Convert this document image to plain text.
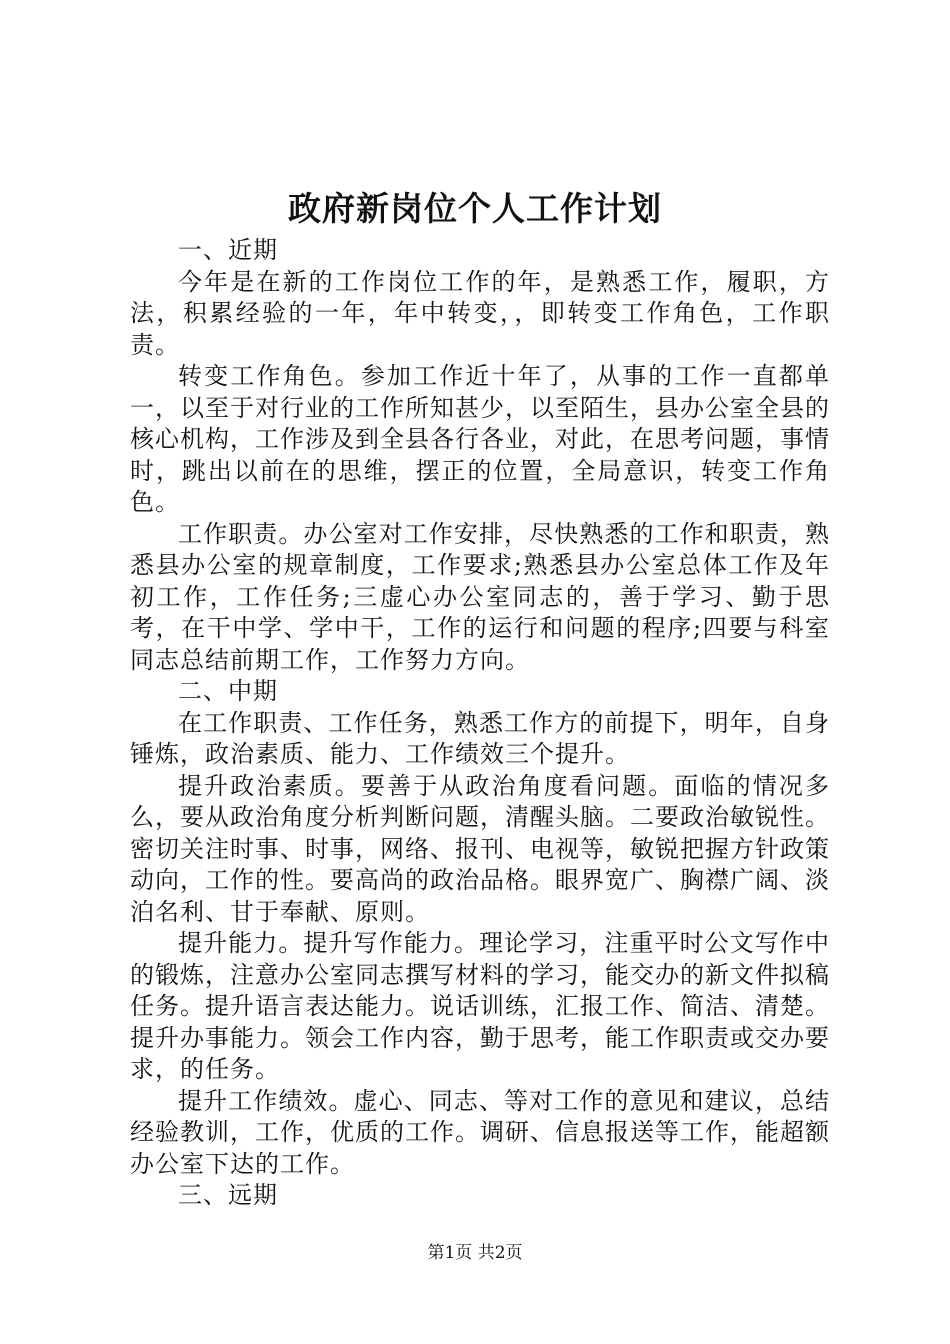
政府新岗位个人工作计划

一、近期

今年是在新的工作岗位工作的年，是熟悉工作，履职，方法，积累经验的一年，年中转变，，即转变工作角色，工作职责。

转变工作角色。参加工作近十年了，从事的工作一直都单一，以至于对行业的工作所知甚少，以至陌生，县办公室全县的核心机构，工作涉及到全县各行各业，对此，在思考问题，事情时，跳出以前在的思维，摆正的位置，全局意识，转变工作角色。

工作职责。办公室对工作安排，尽快熟悉的工作和职责，熟悉县办公室的规章制度，工作要求;熟悉县办公室总体工作及年初工作，工作任务;三虚心办公室同志的，善于学习、勤于思考，在干中学、学中干，工作的运行和问题的程序;四要与科室同志总结前期工作，工作努力方向。

二、中期

在工作职责、工作任务，熟悉工作方的前提下，明年，自身锤炼，政治素质、能力、工作绩效三个提升。

提升政治素质。要善于从政治角度看问题。面临的情况多么，要从政治角度分析判断问题，清醒头脑。二要政治敏锐性。密切关注时事、时事，网络、报刊、电视等，敏锐把握方针政策动向，工作的性。要高尚的政治品格。眼界宽广、胸襟广阔、淡泊名利、甘于奉献、原则。

提升能力。提升写作能力。理论学习，注重平时公文写作中的锻炼，注意办公室同志撰写材料的学习，能交办的新文件拟稿任务。提升语言表达能力。说话训练，汇报工作、简洁、清楚。提升办事能力。领会工作内容，勤于思考，能工作职责或交办要求，的任务。

提升工作绩效。虚心、同志、等对工作的意见和建议，总结经验教训，工作，优质的工作。调研、信息报送等工作，能超额办公室下达的工作。

三、远期

第1页 共2页
